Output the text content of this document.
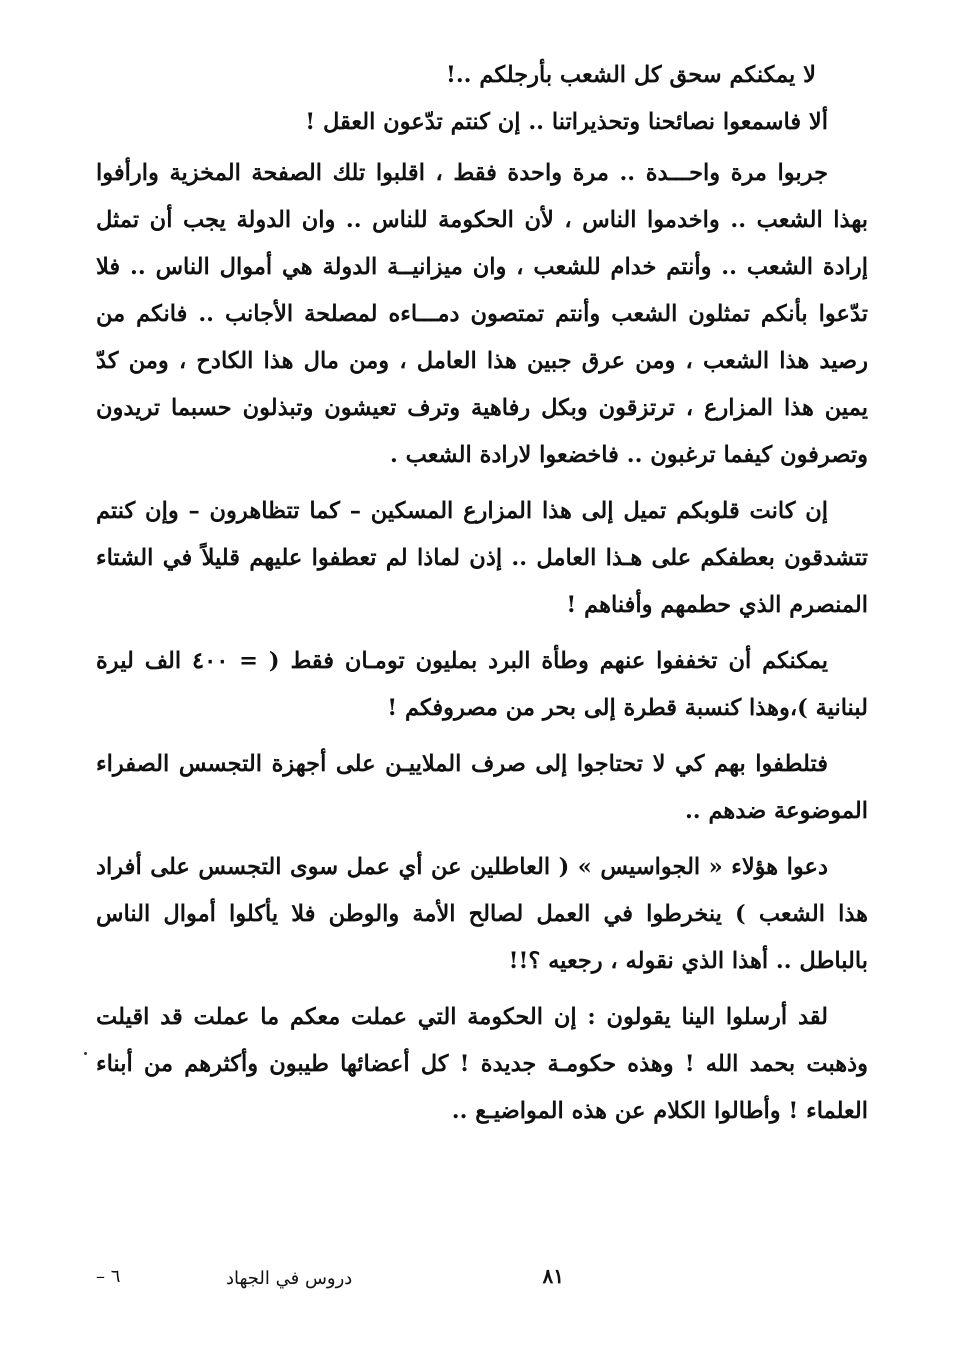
لا يمكنكم سحق كل الشعب بأرجلكم ..!
ألا فاسمعوا نصائحنا وتحذيراتنا .. إن كنتم تدّعون العقل !

جربوا مرة واحـــدة .. مرة واحدة فقط ، اقلبوا تلك الصفحة المخزية وارأفوا بهذا الشعب .. واخدموا الناس ، لأن الحكومة للناس .. وان الدولة يجب أن تمثل إرادة الشعب .. وأنتم خدام للشعب ، وان ميزانيــة الدولة هي أموال الناس .. فلا تدّعوا بأنكم تمثلون الشعب وأنتم تمتصون دمـــاءه لمصلحة الأجانب .. فانكم من رصيد هذا الشعب ، ومن عرق جبين هذا العامل ، ومن مال هذا الكادح ، ومن كدّ يمين هذا المزارع ، ترتزقون وبكل رفاهية وترف تعيشون وتبذلون حسبما تريدون وتصرفون كيفما ترغبون .. فاخضعوا لارادة الشعب .

إن كانت قلوبكم تميل إلى هذا المزارع المسكين – كما تتظاهرون – وإن كنتم تتشدقون بعطفكم على هـذا العامل .. إذن لماذا لم تعطفوا عليهم قليلاً في الشتاء المنصرم الذي حطمهم وأفناهم !

يمكنكم أن تخففوا عنهم وطأة البرد بمليون تومـان فقط ( = ٤٠٠ الف ليرة لبنانية )،وهذا كنسبة قطرة إلى بحر من مصروفكم !

فتلطفوا بهم كي لا تحتاجوا إلى صرف الملاييـن على أجهزة التجسس الصفراء الموضوعة ضدهم ..

دعوا هؤلاء « الجواسيس » ( العاطلين عن أي عمل سوى التجسس على أفراد هذا الشعب ) ينخرطوا في العمل لصالح الأمة والوطن فلا يأكلوا أموال الناس بالباطل .. أهذا الذي نقوله ، رجعيه ؟!!

لقد أرسلوا الينا يقولون : إن الحكومة التي عملت معكم ما عملت قد اقيلت وذهبت بحمد الله ! وهذه حكومـة جديدة ! كل أعضائها طيبون وأكثرهم من أبناء العلماء ! وأطالوا الكلام عن هذه المواضيـع ..

٨١
دروس في الجهاد
٦ –
